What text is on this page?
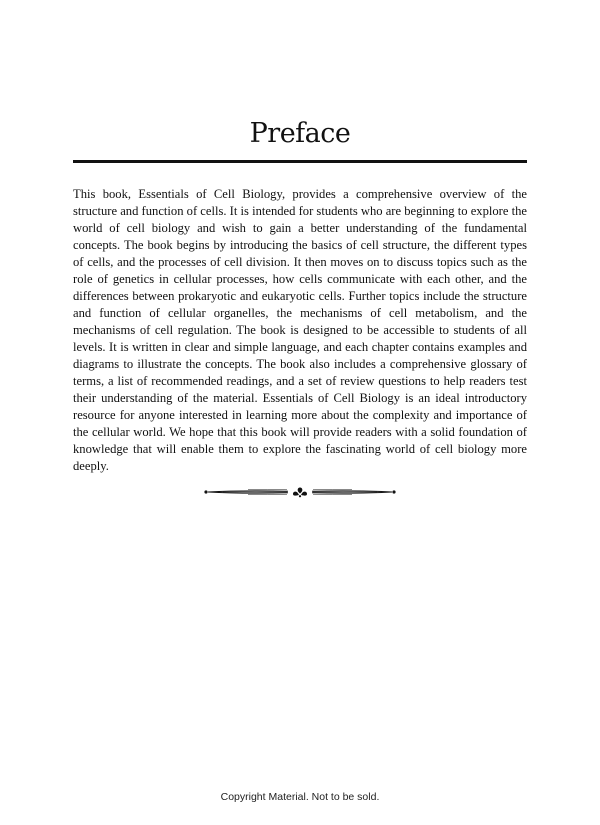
Preface

This book, Essentials of Cell Biology, provides a comprehensive overview of the structure and function of cells. It is intended for students who are beginning to explore the world of cell biology and wish to gain a better understanding of the fundamental concepts. The book begins by introducing the basics of cell structure, the different types of cells, and the processes of cell division. It then moves on to discuss topics such as the role of genetics in cellular processes, how cells communicate with each other, and the differences between prokaryotic and eukaryotic cells. Further topics include the structure and function of cellular organelles, the mechanisms of cell metabolism, and the mechanisms of cell regulation. The book is designed to be accessible to students of all levels. It is written in clear and simple language, and each chapter contains examples and diagrams to illustrate the concepts. The book also includes a comprehensive glossary of terms, a list of recommended readings, and a set of review questions to help readers test their understanding of the material. Essentials of Cell Biology is an ideal introductory resource for anyone interested in learning more about the complexity and importance of the cellular world. We hope that this book will provide readers with a solid foundation of knowledge that will enable them to explore the fascinating world of cell biology more deeply.

Copyright Material. Not to be sold.
